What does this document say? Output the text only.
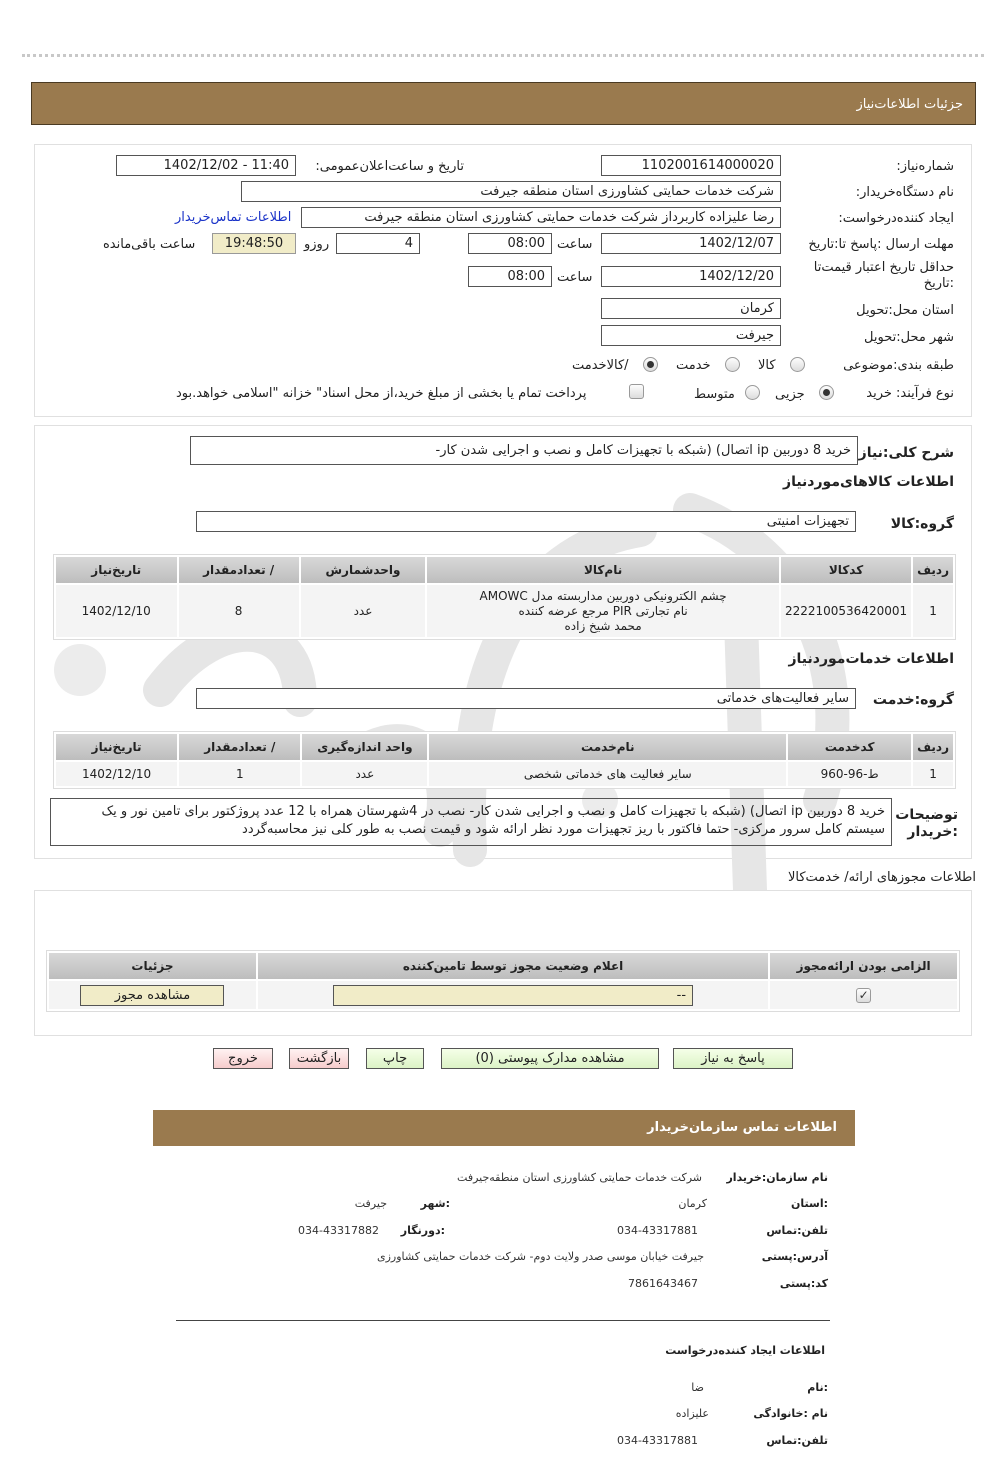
جزئیات اطلاعات‌نیاز
شماره‌نیاز:
1102001614000020
تاریخ و ساعت‌اعلان‌عمومی:
1402/12/02 - 11:40
نام دستگاه‌خریدار:
شرکت خدمات حمایتی کشاورزی استان منطقه جیرفت
ایجاد کننده‌درخواست:
رضا علیزاده کاربرداز شرکت خدمات حمایتی کشاورزی استان منطقه جیرفت
اطلاعات تماس‌خریدار
مهلت ارسال :پاسخ تا:تاریخ
1402/12/07
ساعت
08:00
4
روزو
19:48:50
ساعت باقی‌مانده
حداقل تاریخ اعتبار قیمت‌تا :تاریخ
1402/12/20
ساعت
08:00
استان محل:تحویل
کرمان
شهر محل:تحویل
جیرفت
طبقه بندی:موضوعی
کالا
خدمت
/کالاخدمت
نوع فرآیند: خرید
جزیی
متوسط
پرداخت تمام یا بخشی از مبلغ خرید،از محل اسناد" خزانه "اسلامی خواهد.بود
شرح کلی:نیاز
خرید 8 دوربین ip اتصال) (شبکه با تجهیزات کامل و نصب و اجرایی شدن کار-
اطلاعات کالاهای‌موردنیاز
گروه:کالا
تجهیزات امنیتی
ردیف	کدکالا	نام‌کالا	واحدشمارش	/ تعدادمقدار	تاریخ‌نیاز
1	2222100536420001	چشم الکترونیکی دوربین مداربسته مدل AMOWC
نام تجارتی PIR مرجع عرضه کننده
محمد شیخ زاده	عدد	8	1402/12/10
اطلاعات خدمات‌موردنیاز
گروه:خدمت
سایر فعالیت‌های خدماتی
ردیف	کدخدمت	نام‌خدمت	واحد اندازه‌گیری	/ تعدادمقدار	تاریخ‌نیاز
1	ط-96-960	سایر فعالیت های خدماتی شخصی	عدد	1	1402/12/10
توضیحات
:خریدار
خرید 8 دوربین ip اتصال) (شبکه با تجهیزات کامل و نصب و اجرایی شدن کار- نصب در 4شهرستان همراه با 12 عدد پروژکتور برای تامین نور و یک
سیستم کامل سرور مرکزی- حتما فاکتور با ریز تجهیزات مورد نظر ارائه شود و قیمت نصب به طور کلی نیز محاسبه‌گردد
اطلاعات مجوزهای ارائه/ خدمت‌کالا
الزامی بودن ارائه‌مجوز	اعلام وضعیت مجوز توسط تامین‌کننده	جزئیات
✓	--	مشاهده مجوز
پاسخ به نیاز
مشاهده مدارک پیوستی (0)
چاپ
بازگشت
خروج
اطلاعات تماس سازمان‌خریدار
نام سازمان:خریدار
شرکت خدمات حمایتی کشاورزی استان منطقه‌جیرفت
:استان
کرمان
:شهر
جیرفت
تلفن:تماس
034-43317881
:دورنگار
034-43317882
آدرس:پستی
جیرفت خیابان موسی صدر ولایت دوم- شرکت خدمات حمایتی کشاورزی
کد:پستی
7861643467
اطلاعات ایجاد کننده‌درخواست
:نام
ضا
نام :خانوادگی
علیزاده
تلفن:تماس
034-43317881
